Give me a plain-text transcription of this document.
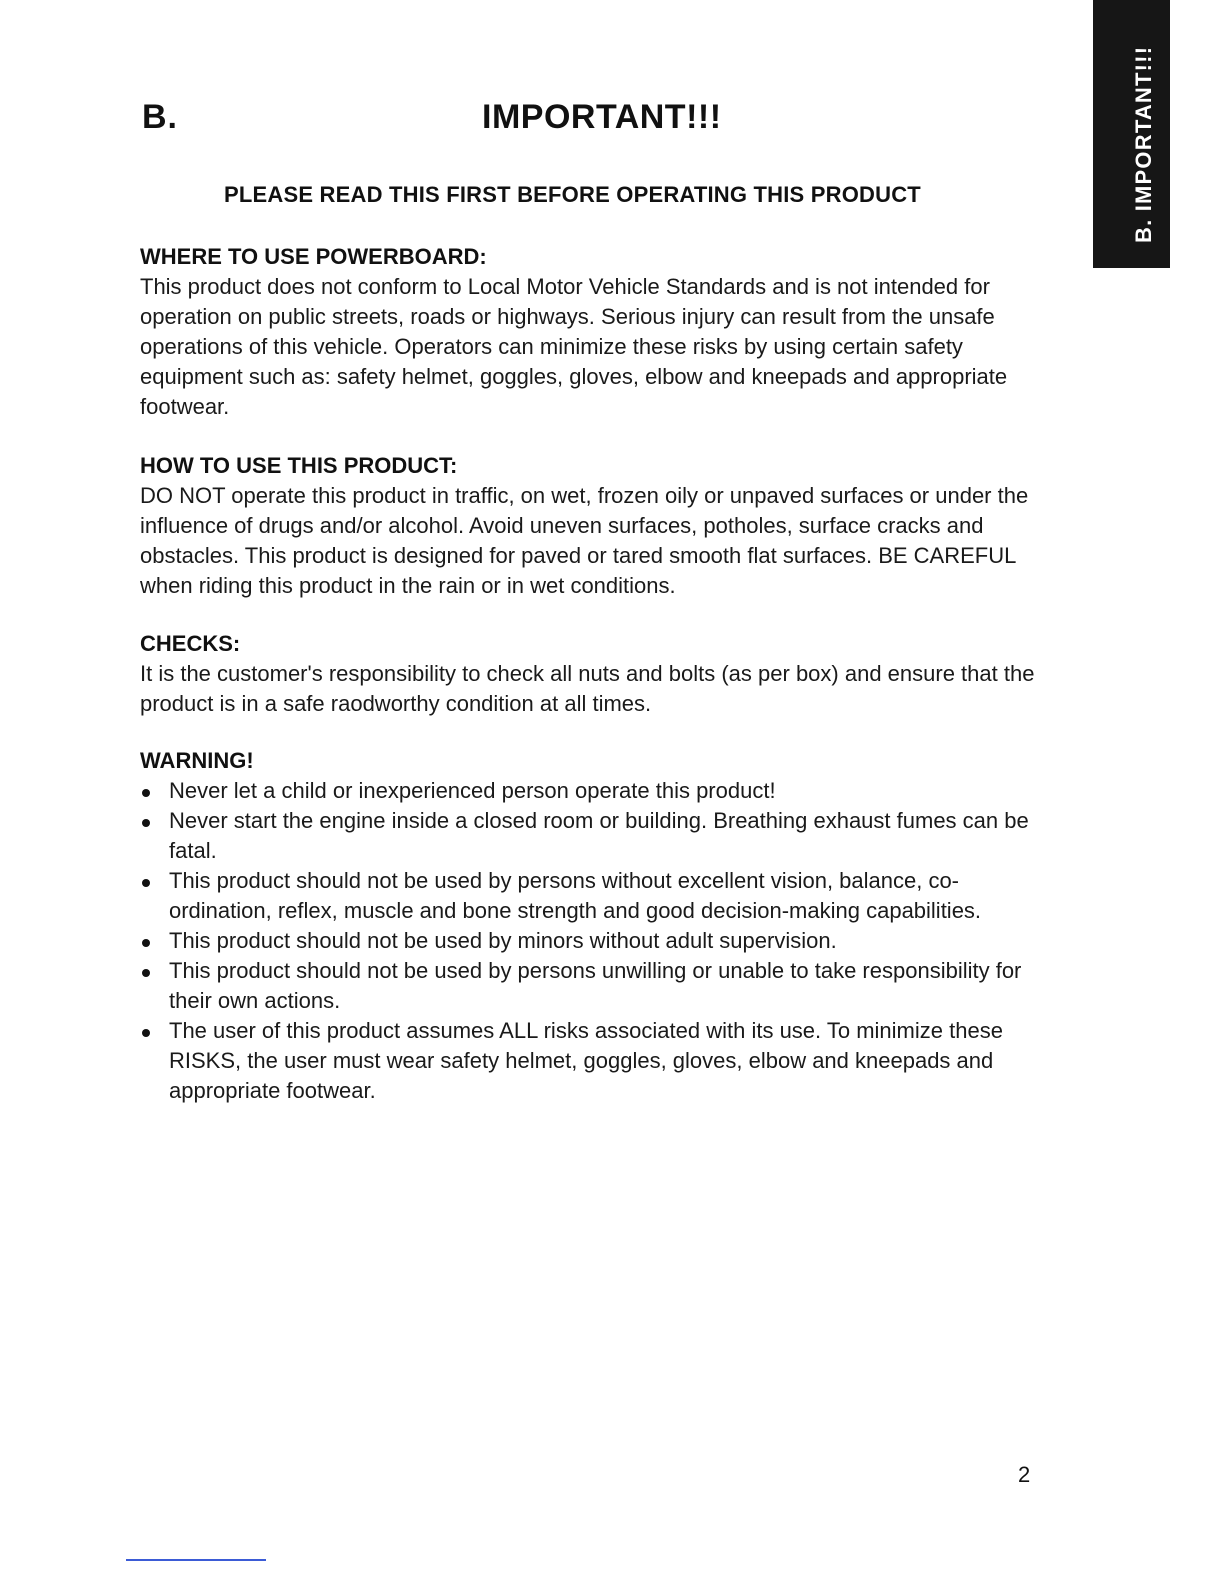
B. IMPORTANT!!!
B.	IMPORTANT!!!
PLEASE READ THIS FIRST BEFORE OPERATING THIS PRODUCT
WHERE TO USE POWERBOARD:

This product does not conform to Local Motor Vehicle Standards and is not intended for operation on public streets, roads or highways. Serious injury can result from the unsafe operations of this vehicle. Operators can minimize these risks by using certain safety equipment such as: safety helmet, goggles, gloves, elbow and kneepads and appropriate footwear.

HOW TO USE THIS PRODUCT:

DO NOT operate this product in traffic, on wet, frozen oily or unpaved surfaces or under the influence of drugs and/or alcohol. Avoid uneven surfaces, potholes, surface cracks and obstacles. This product is designed for paved or tared smooth flat surfaces. BE CAREFUL when riding this product in the rain or in wet conditions.

CHECKS:

It is the customer's responsibility to check all nuts and bolts (as per box) and ensure that the product is in a safe raodworthy condition at all times.

WARNING!
Never let a child or inexperienced person operate this product!
Never start the engine inside a closed room or building. Breathing exhaust fumes can be fatal.
This product should not be used by persons without excellent vision, balance, co-ordination, reflex, muscle and bone strength and good decision-making capabilities.
This product should not be used by minors without adult supervision.
This product should not be used by persons unwilling or unable to take responsibility for their own actions.
The user of this product assumes ALL risks associated with its use. To minimize these RISKS, the user must wear safety helmet, goggles, gloves, elbow and kneepads and appropriate footwear.
2
